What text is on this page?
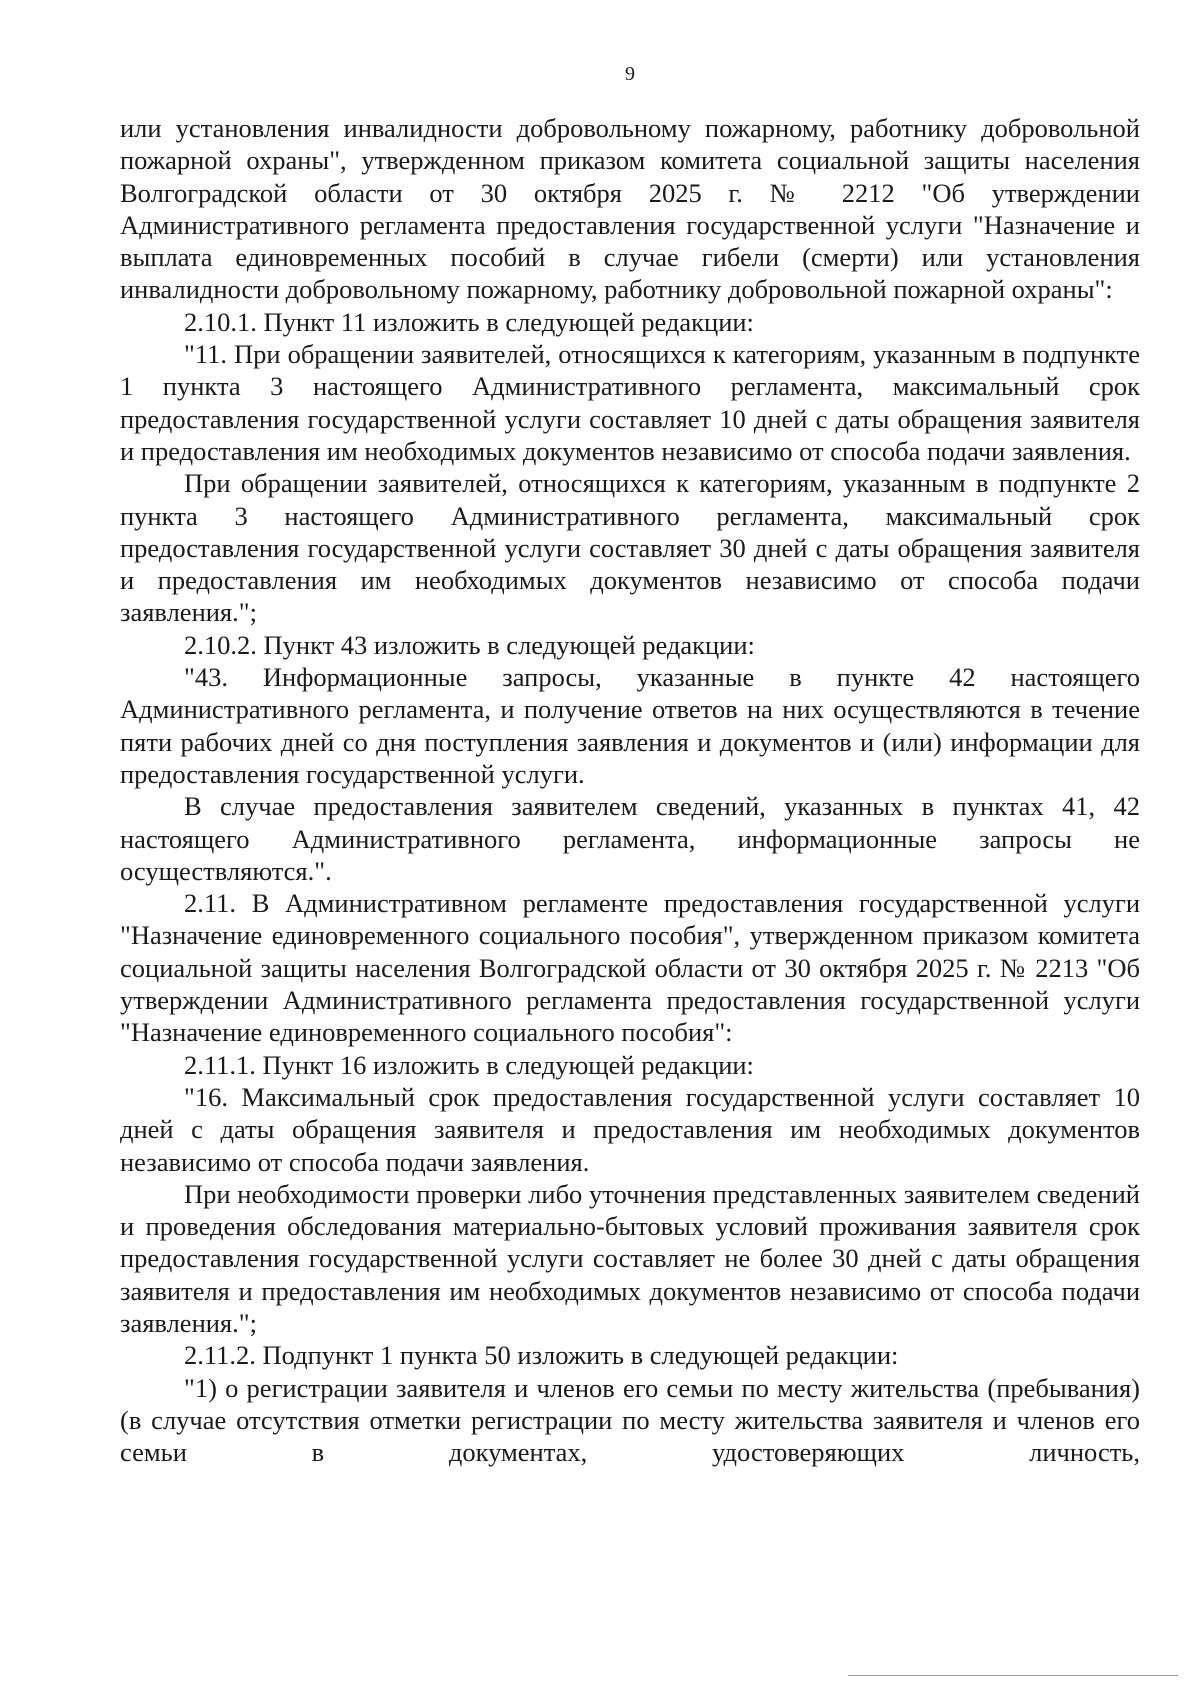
9

или установления инвалидности добровольному пожарному, работнику добровольной пожарной охраны", утвержденном приказом комитета социальной защиты населения Волгоградской области от 30 октября 2025 г. № 2212 "Об утверждении Административного регламента предоставления государственной услуги "Назначение и выплата единовременных пособий в случае гибели (смерти) или установления инвалидности добровольному пожарному, работнику добровольной пожарной охраны":

2.10.1. Пункт 11 изложить в следующей редакции:

"11. При обращении заявителей, относящихся к категориям, указанным в подпункте 1 пункта 3 настоящего Административного регламента, максимальный срок предоставления государственной услуги составляет 10 дней с даты обращения заявителя и предоставления им необходимых документов независимо от способа подачи заявления.

При обращении заявителей, относящихся к категориям, указанным в подпункте 2 пункта 3 настоящего Административного регламента, максимальный срок предоставления государственной услуги составляет 30 дней с даты обращения заявителя и предоставления им необходимых документов независимо от способа подачи заявления.";

2.10.2. Пункт 43 изложить в следующей редакции:

"43. Информационные запросы, указанные в пункте 42 настоящего Административного регламента, и получение ответов на них осуществляются в течение пяти рабочих дней со дня поступления заявления и документов и (или) информации для предоставления государственной услуги.

В случае предоставления заявителем сведений, указанных в пунктах 41, 42 настоящего Административного регламента, информационные запросы не осуществляются.".

2.11. В Административном регламенте предоставления государственной услуги "Назначение единовременного социального пособия", утвержденном приказом комитета социальной защиты населения Волгоградской области от 30 октября 2025 г. № 2213 "Об утверждении Административного регламента предоставления государственной услуги "Назначение единовременного социального пособия":

2.11.1. Пункт 16 изложить в следующей редакции:

"16. Максимальный срок предоставления государственной услуги составляет 10 дней с даты обращения заявителя и предоставления им необходимых документов независимо от способа подачи заявления.

При необходимости проверки либо уточнения представленных заявителем сведений и проведения обследования материально-бытовых условий проживания заявителя срок предоставления государственной услуги составляет не более 30 дней с даты обращения заявителя и предоставления им необходимых документов независимо от способа подачи заявления.";

2.11.2. Подпункт 1 пункта 50 изложить в следующей редакции:

"1) о регистрации заявителя и членов его семьи по месту жительства (пребывания) (в случае отсутствия отметки регистрации по месту жительства заявителя и членов его семьи в документах, удостоверяющих личность,
